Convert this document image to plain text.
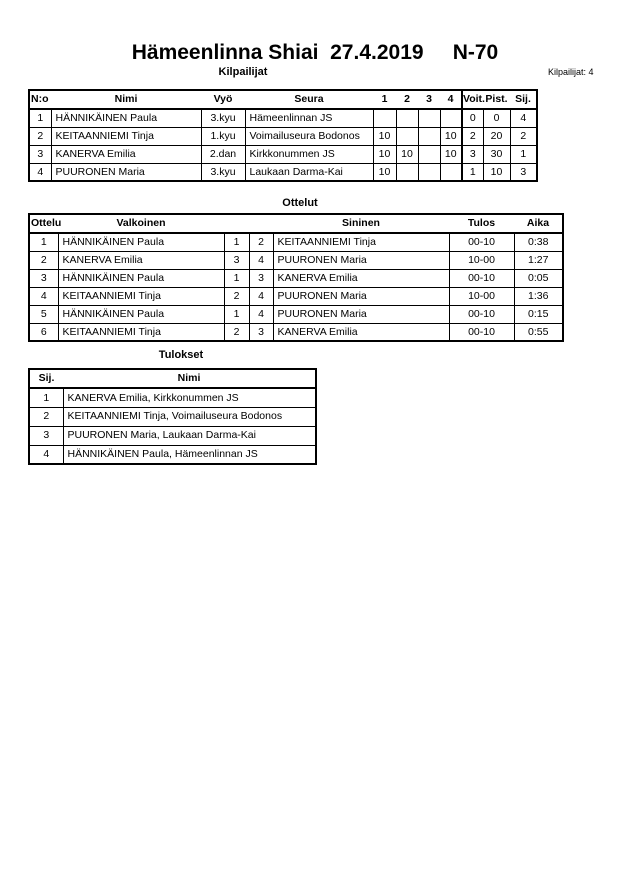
Hämeenlinna Shiai  27.4.2019     N-70
Kilpailijat	Kilpailijat: 4
N:o	Nimi	Vyö	Seura	1	2	3	4	Voit.	Pist.	Sij.
1	HÄNNIKÄINEN Paula	3.kyu	Hämeenlinnan JS					0	0	4
2	KEITAANNIEMI Tinja	1.kyu	Voimailuseura Bodonos	10			10	2	20	2
3	KANERVA Emilia	2.dan	Kirkkonummen JS	10	10		10	3	30	1
4	PUURONEN Maria	3.kyu	Laukaan Darma-Kai	10				1	10	3
Ottelut
Ottelu	Valkoinen			Sininen	Tulos	Aika
1	HÄNNIKÄINEN Paula	1	2	KEITAANNIEMI Tinja	00-10	0:38
2	KANERVA Emilia	3	4	PUURONEN Maria	10-00	1:27
3	HÄNNIKÄINEN Paula	1	3	KANERVA Emilia	00-10	0:05
4	KEITAANNIEMI Tinja	2	4	PUURONEN Maria	10-00	1:36
5	HÄNNIKÄINEN Paula	1	4	PUURONEN Maria	00-10	0:15
6	KEITAANNIEMI Tinja	2	3	KANERVA Emilia	00-10	0:55
Tulokset
Sij.	Nimi
1	KANERVA Emilia, Kirkkonummen JS
2	KEITAANNIEMI Tinja, Voimailuseura Bodonos
3	PUURONEN Maria, Laukaan Darma-Kai
4	HÄNNIKÄINEN Paula, Hämeenlinnan JS
